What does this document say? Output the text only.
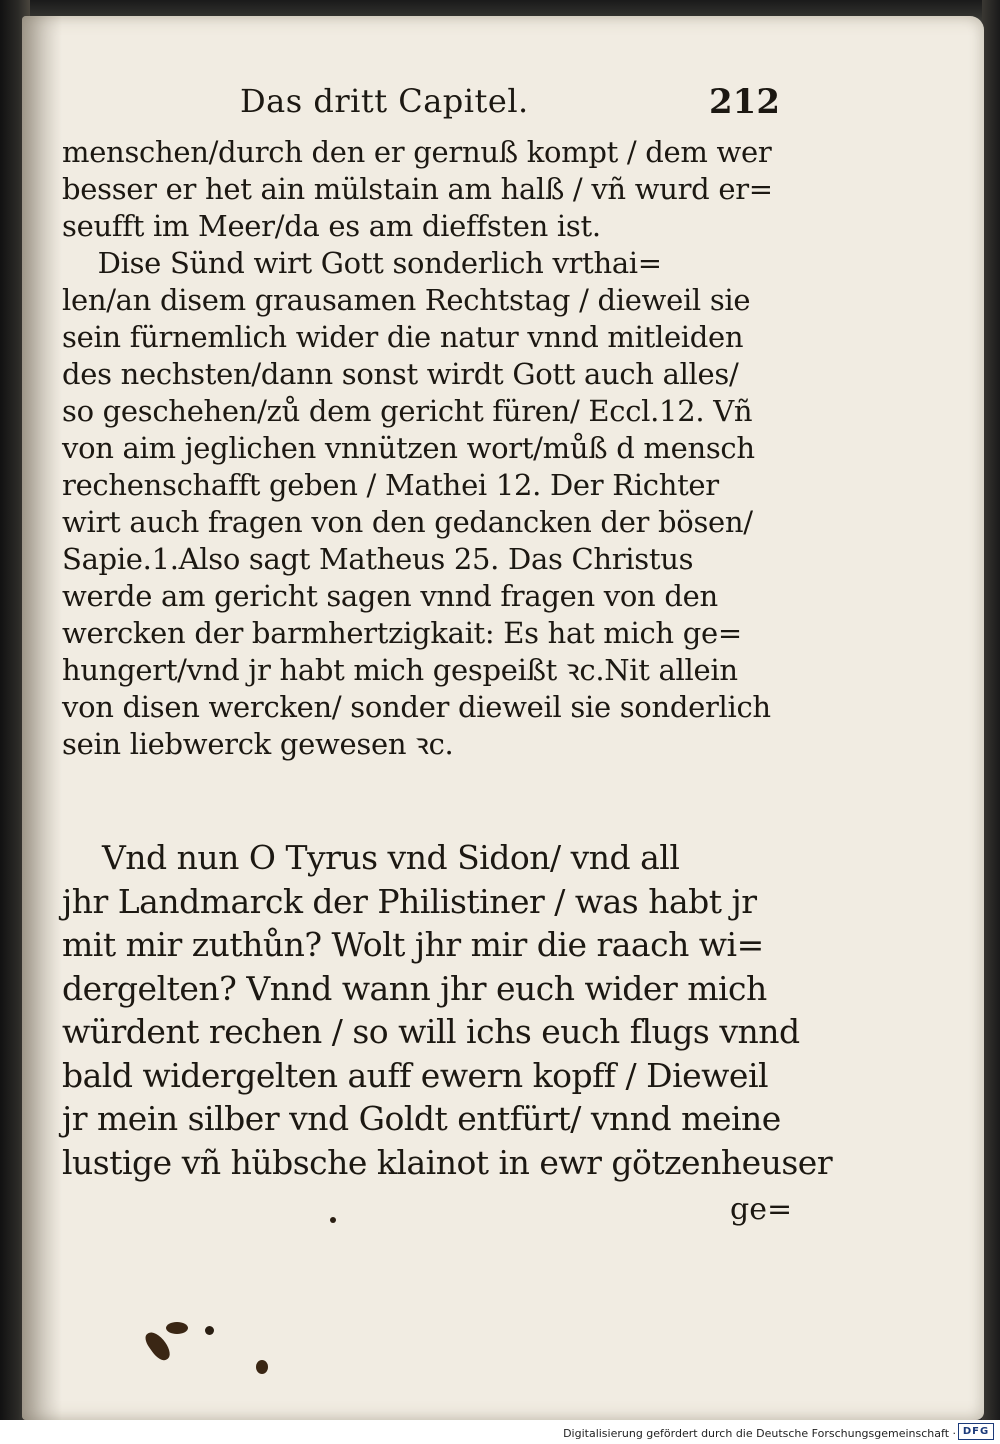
Das dritt Capitel.	212
menschen/durch den er gernuß kompt / dem wer
besser er het ain mülstain am halß / vñ wurd er=
seufft im Meer/da es am dieffsten ist.
Dise Sünd wirt Gott sonderlich vrthai=
len/an disem grausamen Rechtstag / dieweil sie
sein fürnemlich wider die natur vnnd mitleiden
des nechsten/dann sonst wirdt Gott auch alles/
so geschehen/zů dem gericht füren/ Eccl.12. Vñ
von aim jeglichen vnnützen wort/můß d mensch
rechenschafft geben / Mathei 12. Der Richter
wirt auch fragen von den gedancken der bösen/
Sapie.1.Also sagt Matheus 25. Das Christus
werde am gericht sagen vnnd fragen von den
wercken der barmhertzigkait: Es hat mich ge=
hungert/vnd jr habt mich gespeißt ꝛc.Nit allein
von disen wercken/ sonder dieweil sie sonderlich
sein liebwerck gewesen ꝛc.
Vnd nun O Tyrus vnd Sidon/ vnd all
jhr Landmarck der Philistiner / was habt jr
mit mir zuthůn? Wolt jhr mir die raach wi=
dergelten? Vnnd wann jhr euch wider mich
würdent rechen / so will ichs euch flugs vnnd
bald widergelten auff ewern kopff / Dieweil
jr mein silber vnd Goldt entfürt/ vnnd meine
lustige vñ hübsche klainot in ewr götzenheuser
ge=
Digitalisierung gefördert durch die Deutsche Forschungsgemeinschaft · DFG
